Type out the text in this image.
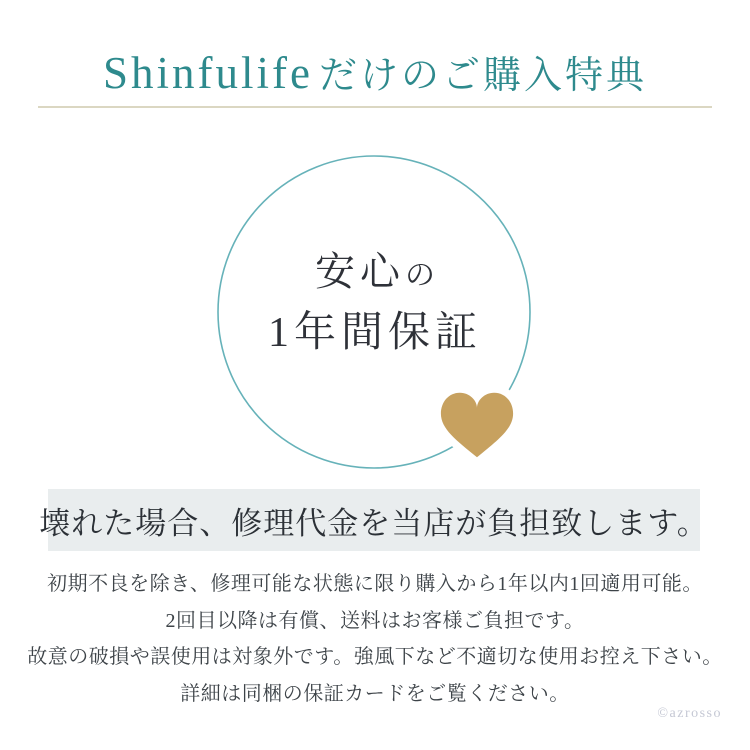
Shinfulife だけのご購入特典
安心の
1年間保証
壊れた場合、修理代金を当店が負担致します。
初期不良を除き、修理可能な状態に限り購入から1年以内1回適用可能。
2回目以降は有償、送料はお客様ご負担です。
故意の破損や誤使用は対象外です。強風下など不適切な使用お控え下さい。
詳細は同梱の保証カードをご覧ください。
©azrosso
